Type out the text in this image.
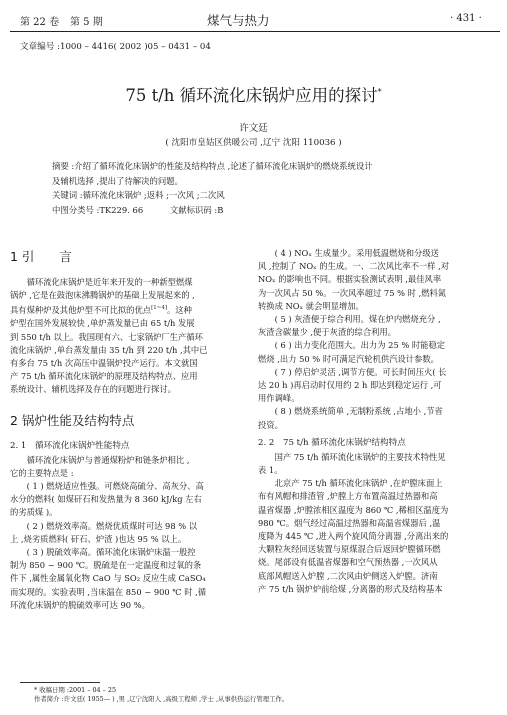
第 22 卷 第 5 期	煤气与热力	· 431 ·
文章编号 :1000 – 4416( 2002 )05 – 0431 – 04
75 t/h 循环流化床锅炉应用的探讨*
许文廷
( 沈阳市皇姑区供暖公司 ,辽宁 沈阳 110036 )
摘要 :介绍了循环流化床锅炉的性能及结构特点 ,论述了循环流化床锅炉的燃烧系统设计
及辅机选择 ,提出了待解决的问题。
关键词 :循环流化床锅炉 ;返料 ;一次风 ;二次风
中图分类号 :TK229. 66	文献标识码 :B
1 引　　言

循环流化床锅炉是近年来开发的一种新型燃煤

锅炉 ,它是在鼓泡床沸腾锅炉的基础上发展起来的 ,

具有煤种炉及其他炉型不可比拟的优点[1~4]。这种

炉型在国外发展较快 ,单炉蒸发量已由 65 t/h 发展

到 550 t/h 以上。我国现有六、七家锅炉厂生产循环

流化床锅炉 ,单台蒸发量由 35 t/h 到 220 t/h ,其中已

有多台 75 t/h 次高压中温锅炉投产运行。本文就国

产 75 t/h 循环流化床锅炉的原理及结构特点、应用

系统设计、辅机选择及存在的问题进行探讨。

2 锅炉性能及结构特点
2. 1　循环流化床锅炉性能特点

循环流化床锅炉与普通煤粉炉和链条炉相比 ,

它的主要特点是 :

( 1 ) 燃烧适应性强。可燃烧高硫分、高灰分、高

水分的燃料( 如煤矸石和发热量为 8 360 kJ/kg 左右

的劣质煤 )。

( 2 ) 燃烧效率高。燃烧优质煤时可达 98 % 以

上 ,烧劣质燃料( 矸石、炉渣 )也达 95 % 以上。

( 3 ) 脱硫效率高。循环流化床锅炉床温一般控

制为 850 ~ 900 ℃。脱硫是在一定温度和过氧的条

件下 ,属性金属氧化物 CaO 与 SO₂ 反应生成 CaSO₄

而实现的。实验表明 ,当床温在 850 ~ 900 ℃ 时 ,循

环流化床锅炉的脱硫效率可达 90 %。

( 4 ) NOₓ 生成量少。采用低温燃烧和分级送

风 ,控制了 NOₓ 的生成。一、二次风比率不一样 ,对

NOₓ 的影响也不同。根据实验测试表明 ,最佳风率

为一次风占 50 %。一次风率超过 75 % 时 ,燃料氮

转换成 NOₓ 就会明显增加。

( 5 ) 灰渣便于综合利用。煤在炉内燃烧充分 ,

灰渣含碳量少 ,便于灰渣的综合利用。

( 6 ) 出力变化范围大。出力为 25 % 时能稳定

燃烧 ,出力 50 % 时可满足汽轮机供汽设计参数。

( 7 ) 停启炉灵活 ,调节方便。可长时间压火( 长

达 20 h )再启动时仅用约 2 h 即达到稳定运行 ,可

用作调峰。

( 8 ) 燃烧系统简单 ,无制粉系统 ,占地小 ,节省

投资。

2. 2　75 t/h 循环流化床锅炉结构特点

国产 75 t/h 循环流化床锅炉的主要技术特性见

表 1。

北京产 75 t/h 循环流化床锅炉 ,在炉膛床面上

布有风帽和排渣管 ,炉膛上方布置高温过热器和高

温省煤器 ,炉膛浓相区温度为 860 ℃ ,稀相区温度为

980 ℃。烟气经过高温过热器和高温省煤器后 ,温

度降为 445 ℃ ,进入两个旋风筒分离器 ,分离出来的

大颗粒灰经回送装置与原煤混合后返回炉膛循环燃

烧。尾部设有低温省煤器和空气预热器 ,一次风从

底部风帽送入炉膛 ,二次风由炉侧送入炉膛。济南

产 75 t/h 锅炉炉前给煤 ,分离器的形式及结构基本

* 收稿日期 :2001 – 04 – 25
作者简介 :许文廷( 1955— ) ,男 ,辽宁沈阳人 ,高级工程师 ,学士 ,从事供热运行管理工作。
